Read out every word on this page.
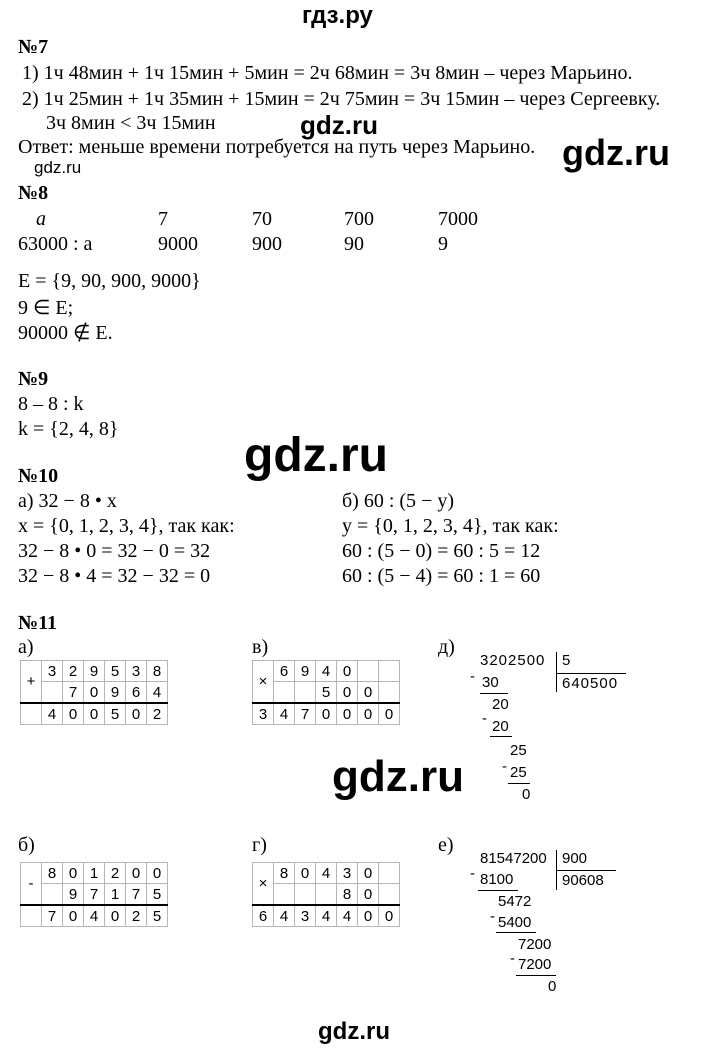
гдз.ру
№7
1) 1ч 48мин + 1ч 15мин + 5мин = 2ч 68мин = 3ч 8мин – через Марьино.
2) 1ч 25мин + 1ч 35мин + 15мин = 2ч 75мин = 3ч 15мин – через Сергеевку.
3ч 8мин < 3ч 15мин
Ответ: меньше времени потребуется на путь через Марьино.
gdz.ru
gdz.ru
gdz.ru
№8
a	7	70	700	7000
63000 : a	9000	900	90	9
E = {9, 90, 900, 9000}
9 ∈ E;
90000 ∉ E.
№9
8 – 8 : k
k = {2, 4, 8}	gdz.ru
№10
а) 32 − 8 • x
x = {0, 1, 2, 3, 4}, так как:
32 − 8 • 0 = 32 − 0 = 32
32 − 8 • 4 = 32 − 32 = 0
б) 60 : (5 − y)
y = {0, 1, 2, 3, 4}, так как:
60 : (5 − 0) = 60 : 5 = 12
60 : (5 − 4) = 60 : 1 = 60
№11
а)
+	3	2	9	5	3	8
		7	0	9	6	4
	4	0	0	5	0	2
в)
×	6	9	4	0		
			5	0	0	
3	4	7	0	0	0	0
д)
3202500 5
640500
- 30
20
- 20
25
- 25
0
gdz.ru
б)
-	8	0	1	2	0	0
		9	7	1	7	5
	7	0	4	0	2	5
г)
×	8	0	4	3	0	
				8	0	
6	4	3	4	4	0	0
е)
81547200 900
90608
- 8100
5472
- 5400
7200
- 7200
0
gdz.ru
